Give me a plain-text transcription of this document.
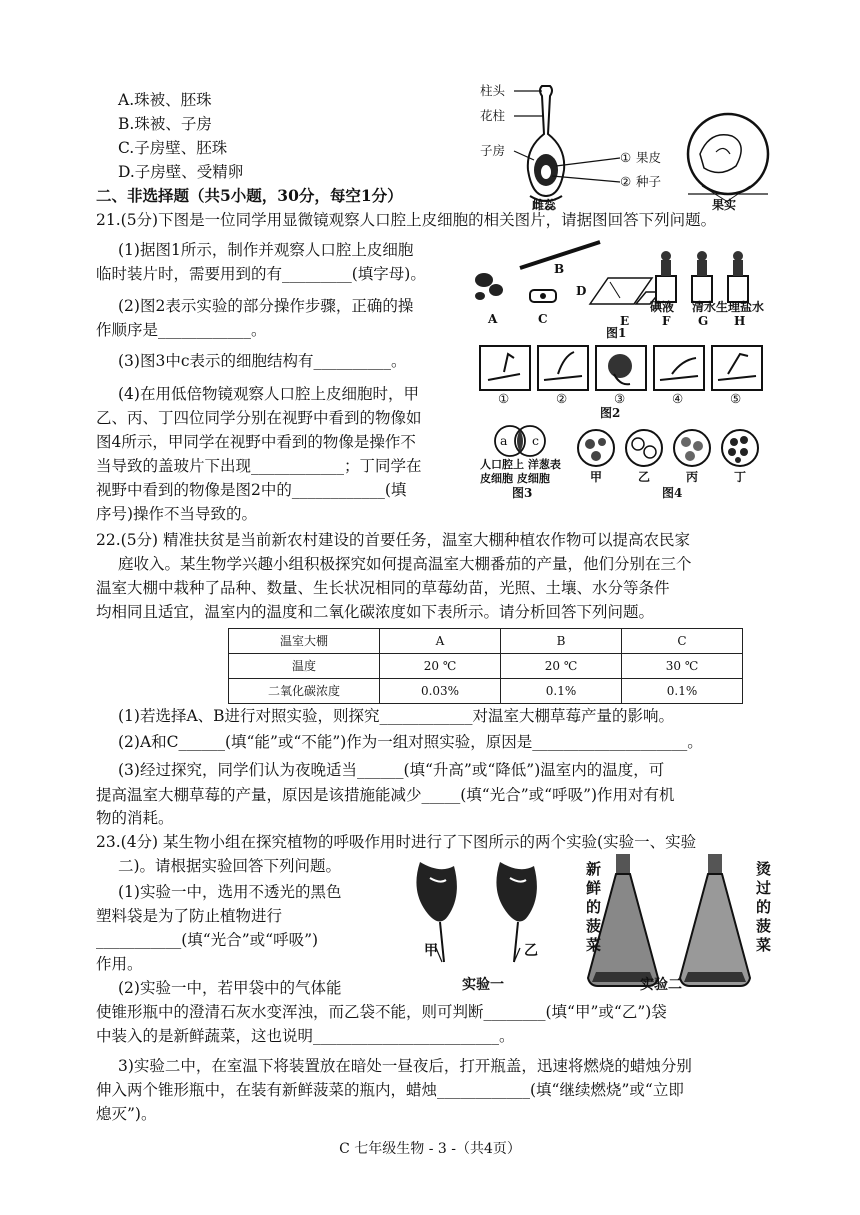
A.珠被、胚珠
B.珠被、子房
C.子房壁、胚珠
D.子房壁、受精卵
柱头
花柱
子房	① 果皮
② 种子
雌蕊	果实
二、非选择题（共5小题，30分，每空1分）
21.(5分)下图是一位同学用显微镜观察人口腔上皮细胞的相关图片，请据图回答下列问题。
(1)据图1所示，制作并观察人口腔上皮细胞
临时装片时，需要用到的有_________(填字母)。
(2)图2表示实验的部分操作步骤，正确的操
作顺序是____________。
(3)图3中c表示的细胞结构有__________。
(4)在用低倍物镜观察人口腔上皮细胞时，甲
乙、丙、丁四位同学分别在视野中看到的物像如
图4所示，甲同学在视野中看到的物像是操作不
当导致的盖玻片下出现____________；丁同学在
视野中看到的物像是图2中的____________(填
序号)操作不当导致的。
A
B
C
D
E
碘液 清水 生理盐水
F G H
图1
①	②	③	④	⑤
图2
a c
人口腔上 洋葱表
皮细胞 皮细胞
图3
甲	乙	丙	丁
图4
22.(5分) 精准扶贫是当前新农村建设的首要任务，温室大棚种植农作物可以提高农民家
庭收入。某生物学兴趣小组积极探究如何提高温室大棚番茄的产量，他们分别在三个
温室大棚中栽种了品种、数量、生长状况相同的草莓幼苗，光照、土壤、水分等条件
温室大棚	A	B	C
温度	20 ℃	20 ℃	30 ℃
二氧化碳浓度	0.03%	0.1%	0.1%
(1)若选择A、B进行对照实验，则探究____________对温室大棚草莓产量的影响。
(2)A和C______(填“能”或“不能”)作为一组对照实验，原因是____________________。
(3)经过探究，同学们认为夜晚适当______(填“升高”或“降低”)温室内的温度，可
提高温室大棚草莓的产量，原因是该措施能减少_____(填“光合”或“呼吸”)作用对有机
物的消耗。
23.(4分) 某生物小组在探究植物的呼吸作用时进行了下图所示的两个实验(实验一、实验
二)。请根据实验回答下列问题。
(1)实验一中，选用不透光的黑色
塑料袋是为了防止植物进行
___________(填“光合”或“呼吸”)
作用。
(2)实验一中，若甲袋中的气体能
使锥形瓶中的澄清石灰水变浑浊，而乙袋不能，则可判断________(填“甲”或“乙”)袋
中装入的是新鲜蔬菜，这也说明________________________。
3)实验二中，在室温下将装置放在暗处一昼夜后，打开瓶盖，迅速将燃烧的蜡烛分别
伸入两个锥形瓶中，在装有新鲜菠菜的瓶内，蜡烛____________(填“继续燃烧”或“立即
熄灭”)。
甲	乙
实验一	实验二
新鲜的菠菜
烫过的菠菜
C 七年级生物 - 3 -（共4页）
均相同且适宜，温室内的温度和二氧化碳浓度如下表所示。请分析回答下列问题。
